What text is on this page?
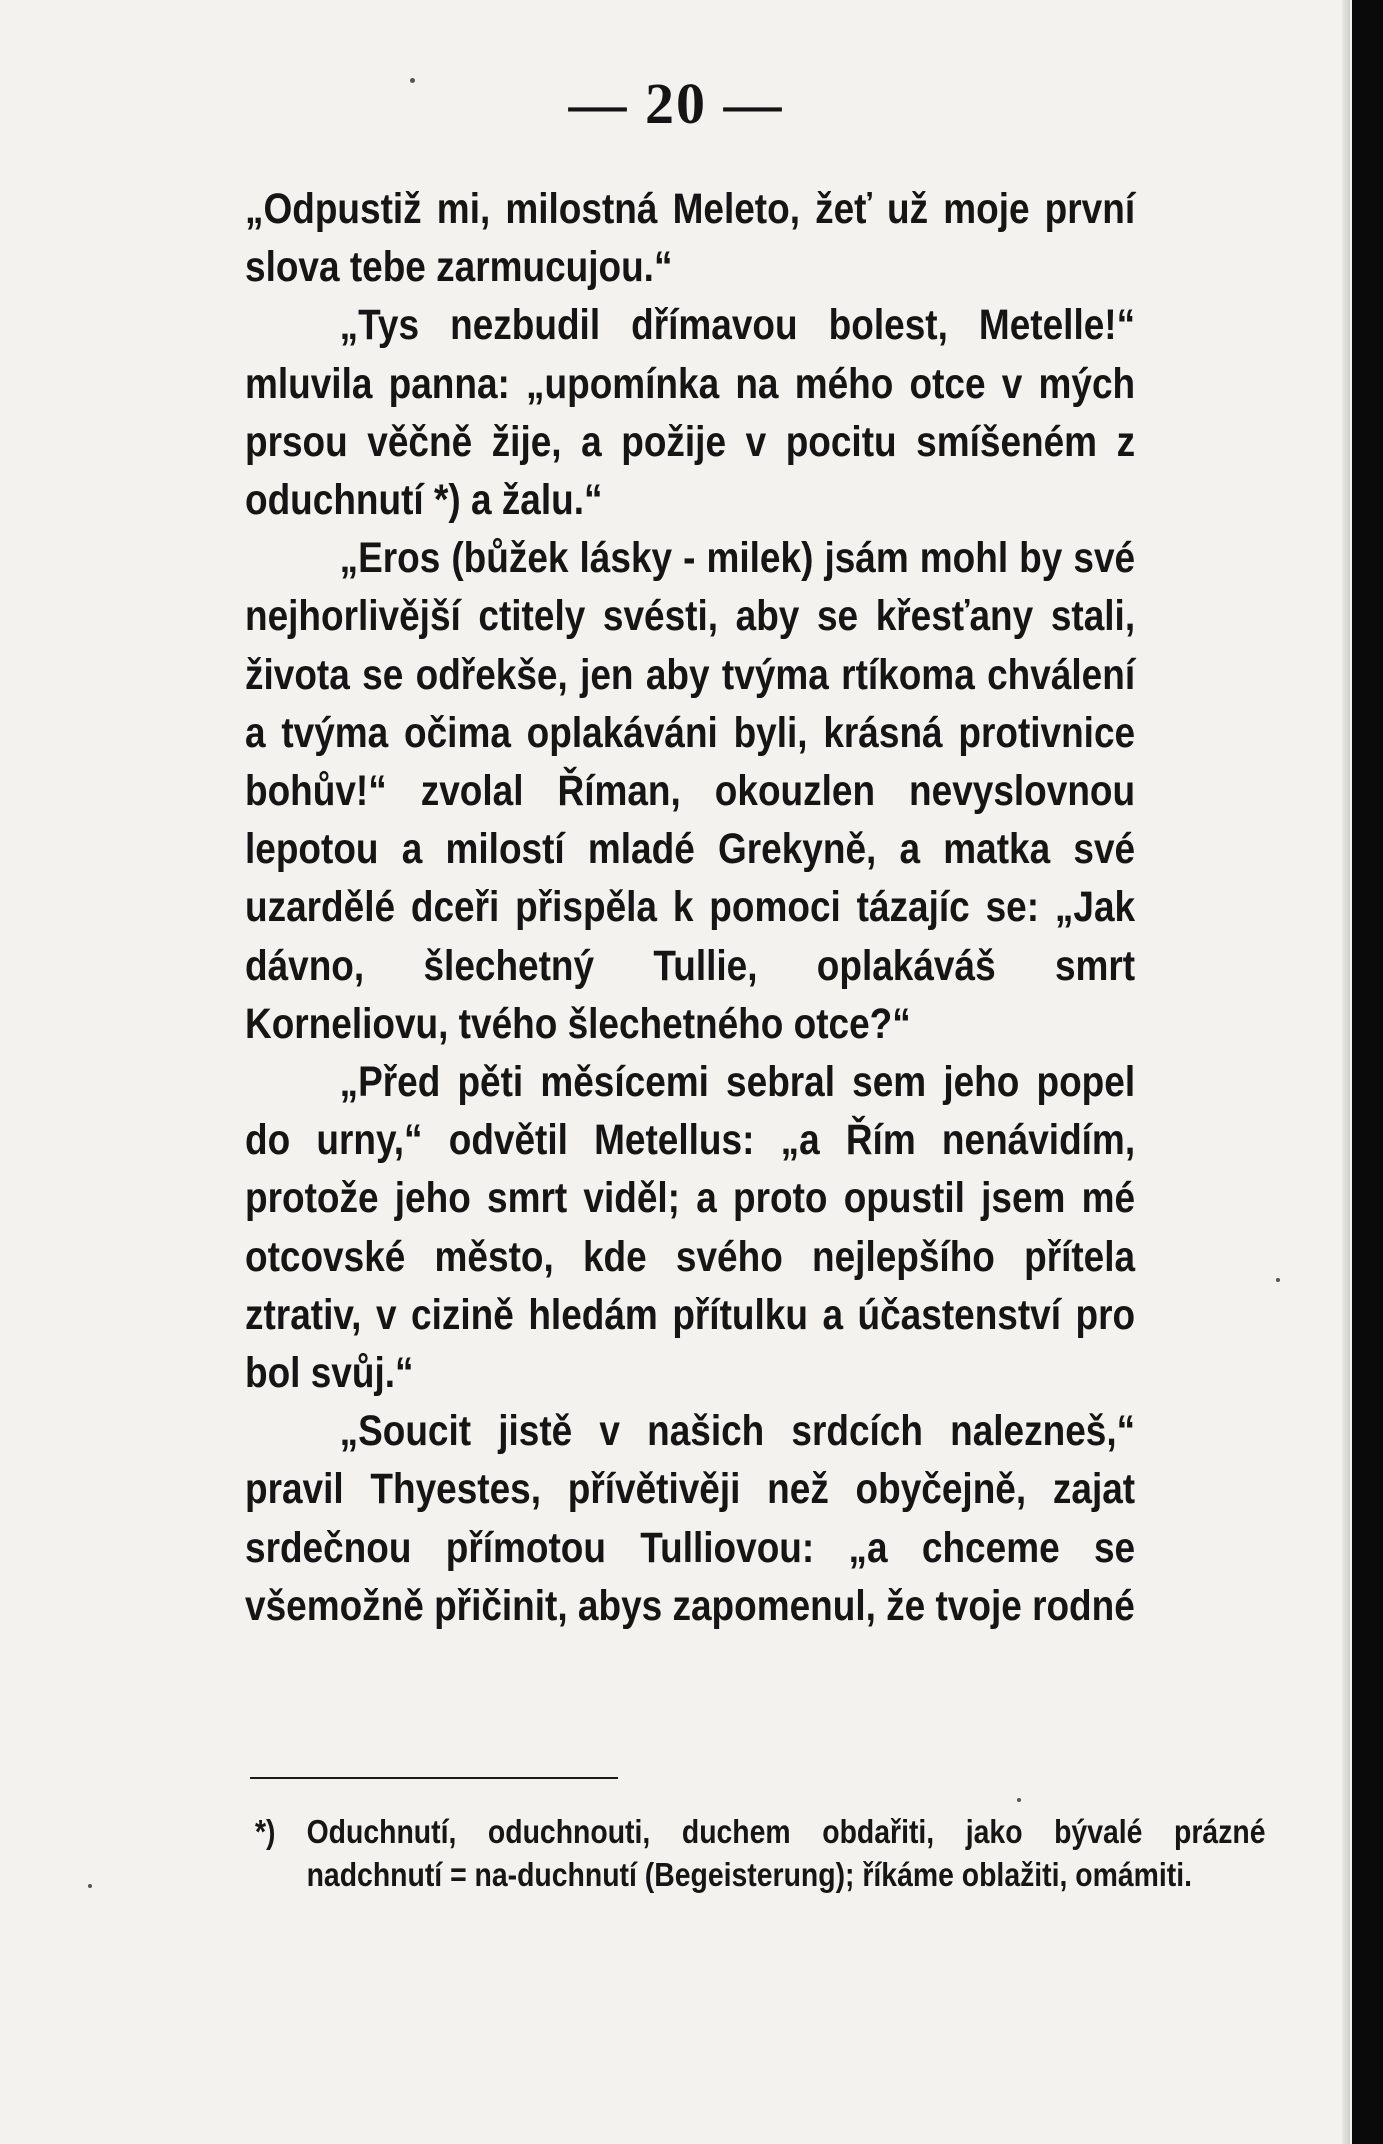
— 20 —

„Odpustiž mi, milostná Meleto, žeť už moje první slova tebe zarmucujou.“

„Tys nezbudil dřímavou bolest, Metelle!“ mluvila panna: „upomínka na mého otce v mých prsou věčně žije, a požije v pocitu smíšeném z oduchnutí *) a žalu.“

„Eros (bůžek lásky - milek) jsám mohl by své nejhorlivější ctitely svésti, aby se křesťany stali, života se odřekše, jen aby tvýma rtíkoma chválení a tvýma očima oplakáváni byli, krásná protivnice bohův!“ zvolal Říman, okouzlen nevyslovnou lepotou a milostí mladé Grekyně, a matka své uzardělé dceři přispěla k pomoci tázajíc se: „Jak dávno, šlechetný Tullie, oplakáváš smrt Korneliovu, tvého šlechetného otce?“

„Před pěti měsícemi sebral sem jeho popel do urny,“ odvětil Metellus: „a Řím nenávidím, protože jeho smrt viděl; a proto opustil jsem mé otcovské město, kde svého nejlepšího přítela ztrativ, v cizině hledám přítulku a účastenství pro bol svůj.“

„Soucit jistě v našich srdcích nalezneš,“ pravil Thyestes, přívětivěji než obyčejně, zajat srdečnou přímotou Tulliovou: „a chceme se všemožně přičinit, abys zapomenul, že tvoje rodné

*) Oduchnutí, oduchnouti, duchem obdařiti, jako bývalé prázné nadchnutí = na-duchnutí (Begeisterung); říkáme oblažiti, omámiti.
